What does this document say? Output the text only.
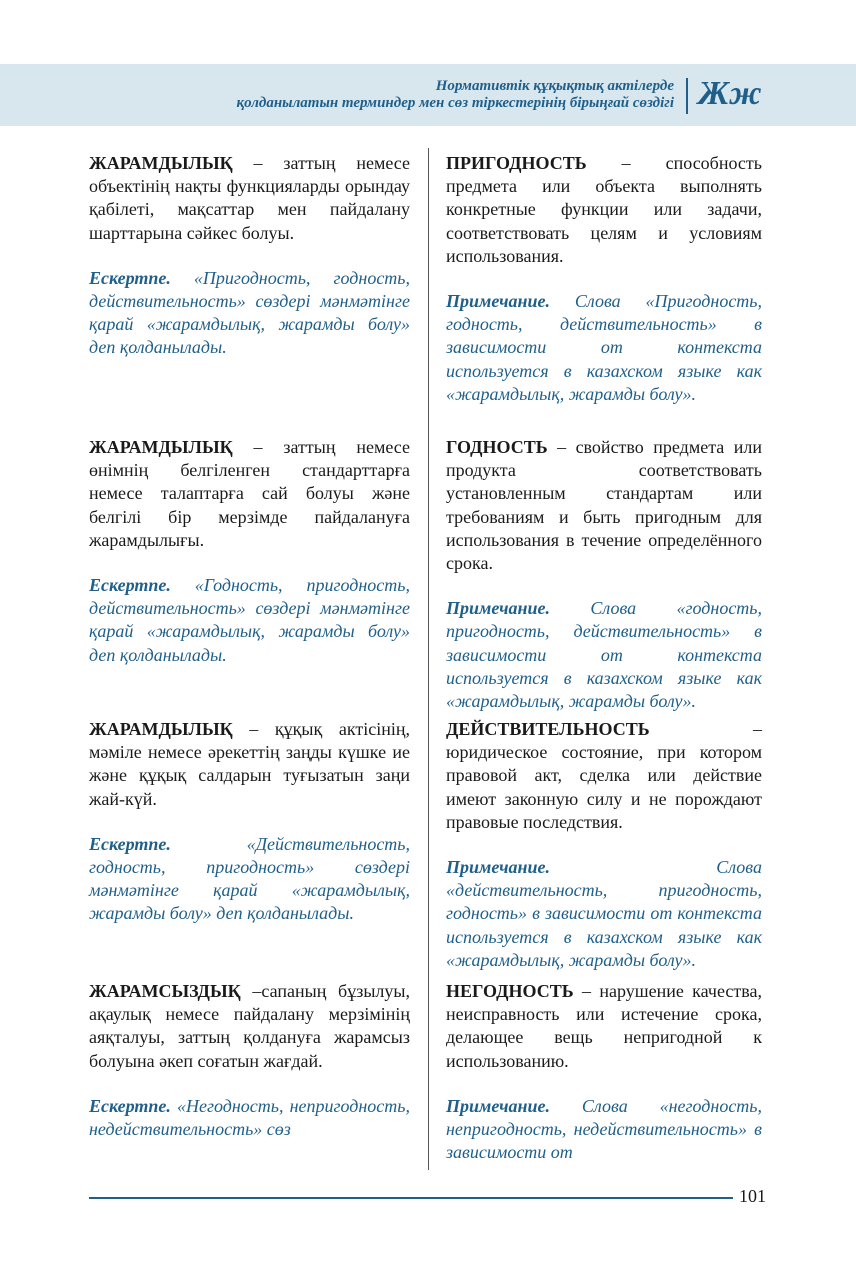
Нормативтік құқықтық актілерде
қолданылатын терминдер мен сөз тіркестерінің бірыңғай сөздігі Жж

ЖАРАМДЫЛЫҚ – заттың немесе объектінің нақты функцияларды орындау қабілеті, мақсаттар мен пайдалану шарттарына сәйкес болуы.

Ескертпе. «Пригодность, годность, действительность» сөздері мәнмәтінге қарай «жарамдылық, жарамды болу» деп қолданылады.

ЖАРАМДЫЛЫҚ – заттың немесе өнімнің белгіленген стандарттарға немесе талаптарға сай болуы және белгілі бір мерзімде пайдалануға жарамдылығы.

Ескертпе. «Годность, пригодность, действительность» сөздері мәнмәтінге қарай «жарамдылық, жарамды болу» деп қолданылады.

ЖАРАМДЫЛЫҚ – құқық актісінің, мәміле немесе әрекеттің заңды күшке ие және құқық салдарын туғызатын заңи жай-күй.

Ескертпе. «Действительность, годность, пригодность» сөздері мәнмәтінге қарай «жарамдылық, жарамды болу» деп қолданылады.

ЖАРАМСЫЗДЫҚ –сапаның бұзылуы, ақаулық немесе пайдалану мерзімінің аяқталуы, заттың қолдануға жарамсыз болуына әкеп соғатын жағдай.

Ескертпе. «Негодность, непригодность, недействительность» сөз

ПРИГОДНОСТЬ – способность предмета или объекта выполнять конкретные функции или задачи, соответствовать целям и условиям использования.

Примечание. Слова «Пригодность, годность, действительность» в зависимости от контекста используется в казахском языке как «жарамдылық, жарамды болу».

ГОДНОСТЬ – свойство предмета или продукта соответствовать установленным стандартам или требованиям и быть пригодным для использования в течение определённого срока.

Примечание. Слова «годность, пригодность, действительность» в зависимости от контекста используется в казахском языке как «жарамдылық, жарамды болу».

ДЕЙСТВИТЕЛЬНОСТЬ – юридическое состояние, при котором правовой акт, сделка или действие имеют законную силу и не порождают правовые последствия.

Примечание. Слова «действительность, пригодность, годность» в зависимости от контекста используется в казахском языке как «жарамдылық, жарамды болу».

НЕГОДНОСТЬ – нарушение качества, неисправность или истечение срока, делающее вещь непригодной к использованию.

Примечание. Слова «негодность, непригодность, недействительность» в зависимости от

101
